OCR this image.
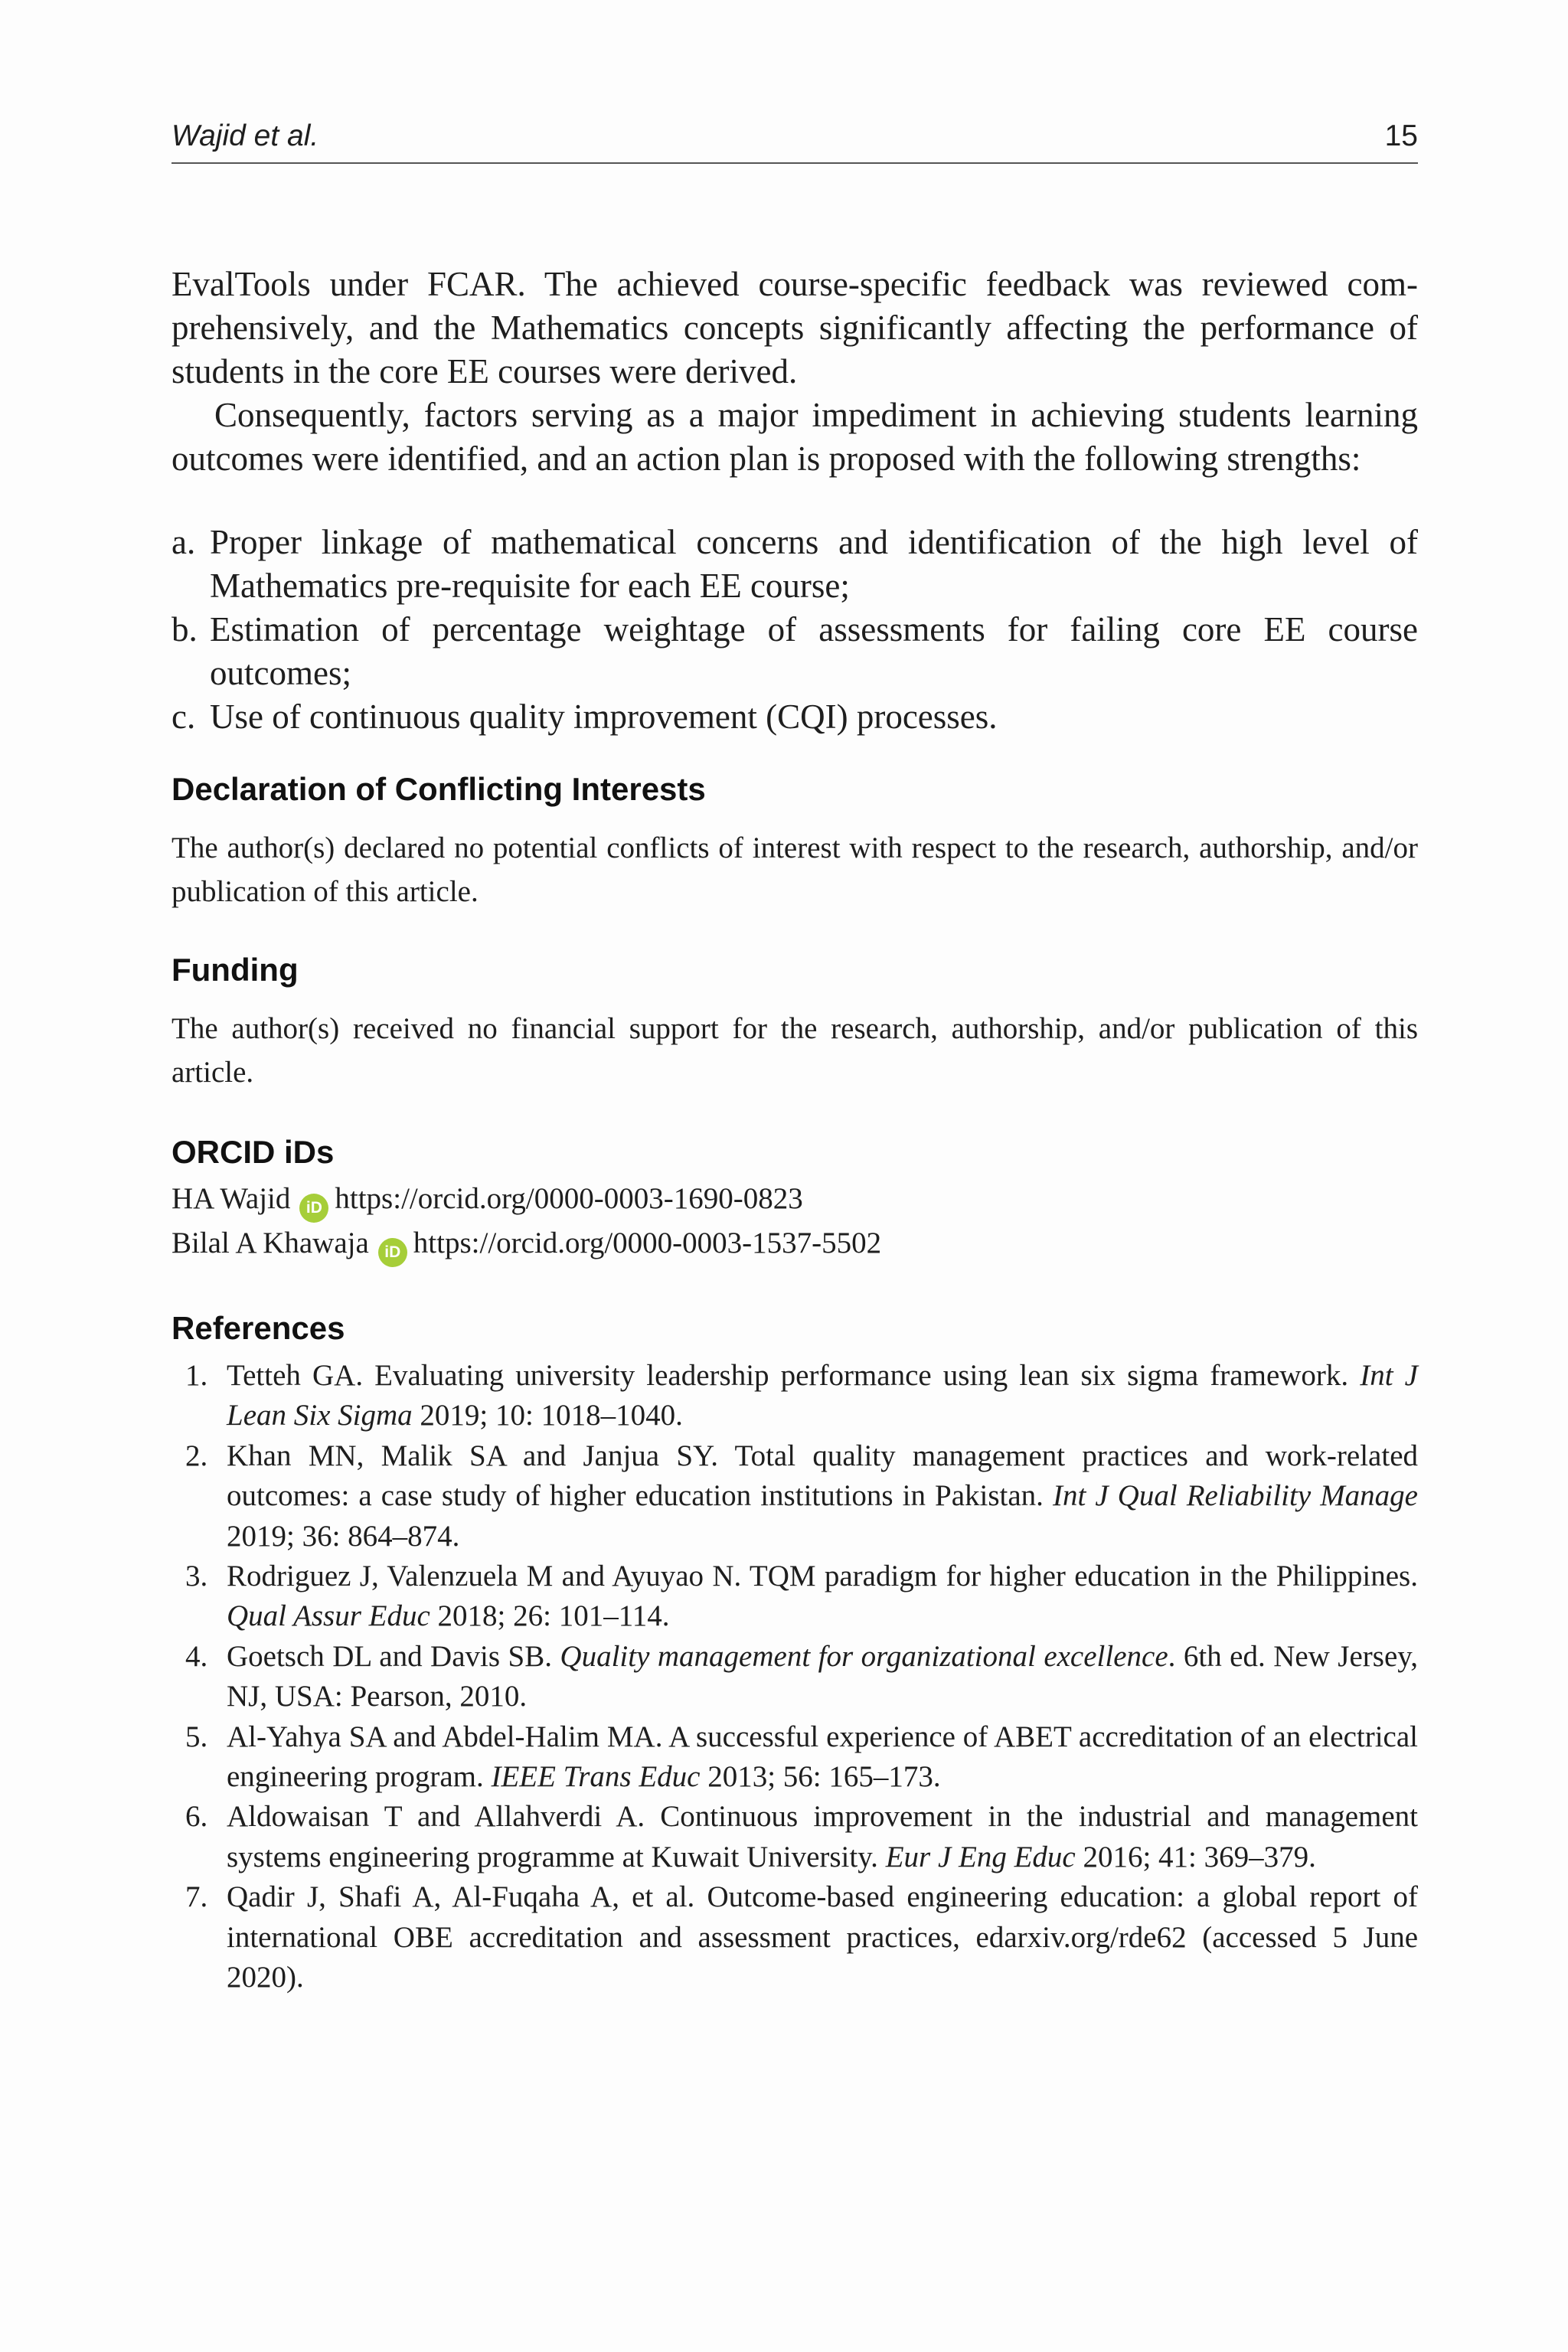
Wajid et al.	15

EvalTools under FCAR. The achieved course-specific feedback was reviewed comprehensively, and the Mathematics concepts significantly affecting the performance of students in the core EE courses were derived.

Consequently, factors serving as a major impediment in achieving students learning outcomes were identified, and an action plan is proposed with the following strengths:

a. Proper linkage of mathematical concerns and identification of the high level of Mathematics pre-requisite for each EE course;
b. Estimation of percentage weightage of assessments for failing core EE course outcomes;
c. Use of continuous quality improvement (CQI) processes.
Declaration of Conflicting Interests

The author(s) declared no potential conflicts of interest with respect to the research, authorship, and/or publication of this article.

Funding

The author(s) received no financial support for the research, authorship, and/or publication of this article.

ORCID iDs
HA Wajid iD https://orcid.org/0000-0003-1690-0823
Bilal A Khawaja iD https://orcid.org/0000-0003-1537-5502
References
1. Tetteh GA. Evaluating university leadership performance using lean six sigma framework. Int J Lean Six Sigma 2019; 10: 1018–1040.
2. Khan MN, Malik SA and Janjua SY. Total quality management practices and work-related outcomes: a case study of higher education institutions in Pakistan. Int J Qual Reliability Manage 2019; 36: 864–874.
3. Rodriguez J, Valenzuela M and Ayuyao N. TQM paradigm for higher education in the Philippines. Qual Assur Educ 2018; 26: 101–114.
4. Goetsch DL and Davis SB. Quality management for organizational excellence. 6th ed. New Jersey, NJ, USA: Pearson, 2010.
5. Al-Yahya SA and Abdel-Halim MA. A successful experience of ABET accreditation of an electrical engineering program. IEEE Trans Educ 2013; 56: 165–173.
6. Aldowaisan T and Allahverdi A. Continuous improvement in the industrial and management systems engineering programme at Kuwait University. Eur J Eng Educ 2016; 41: 369–379.
7. Qadir J, Shafi A, Al-Fuqaha A, et al. Outcome-based engineering education: a global report of international OBE accreditation and assessment practices, edarxiv.org/rde62 (accessed 5 June 2020).
